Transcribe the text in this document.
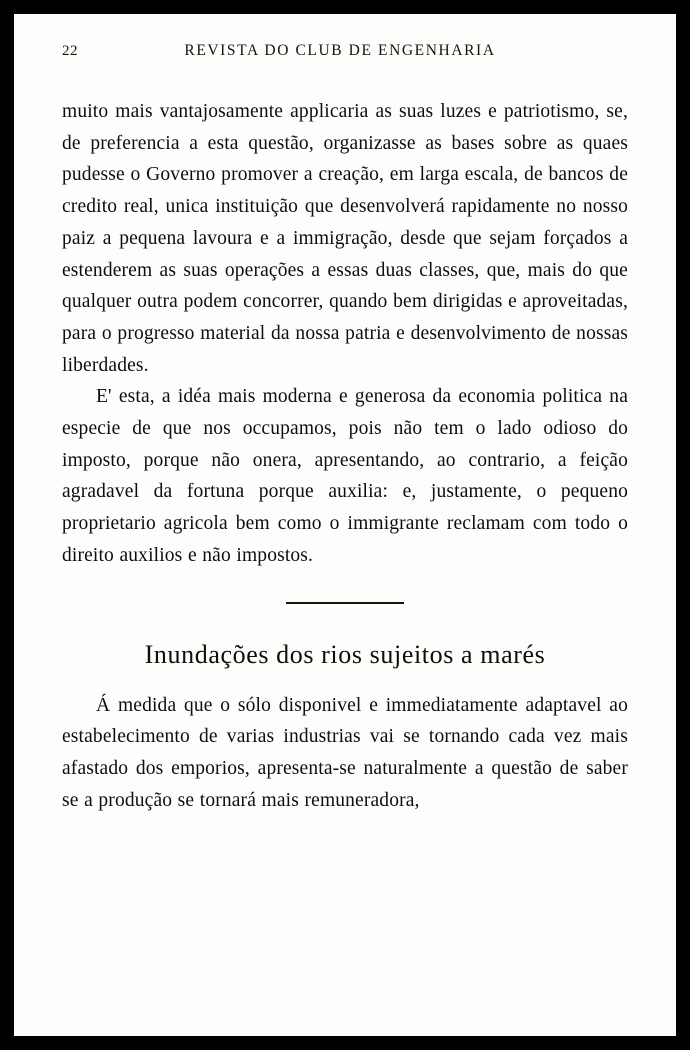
22	REVISTA DO CLUB DE ENGENHARIA

muito mais vantajosamente applicaria as suas luzes e patriotismo, se, de preferencia a esta questão, organizasse as bases sobre as quaes pudesse o Governo promover a creação, em larga escala, de bancos de credito real, unica instituição que desenvolverá rapidamente no nosso paiz a pequena lavoura e a immigração, desde que sejam forçados a estenderem as suas operações a essas duas classes, que, mais do que qualquer outra podem concorrer, quando bem dirigidas e aproveitadas, para o progresso material da nossa patria e desenvolvimento de nossas liberdades.

E' esta, a idéa mais moderna e generosa da economia politica na especie de que nos occupamos, pois não tem o lado odioso do imposto, porque não onera, apresentando, ao contrario, a feição agradavel da fortuna porque auxilia: e, justamente, o pequeno proprietario agricola bem como o immigrante reclamam com todo o direito auxilios e não impostos.

Inundações dos rios sujeitos a marés

Á medida que o sólo disponivel e immediatamente adaptavel ao estabelecimento de varias industrias vai se tornando cada vez mais afastado dos emporios, apresenta-se naturalmente a questão de saber se a produção se tornará mais remuneradora,
